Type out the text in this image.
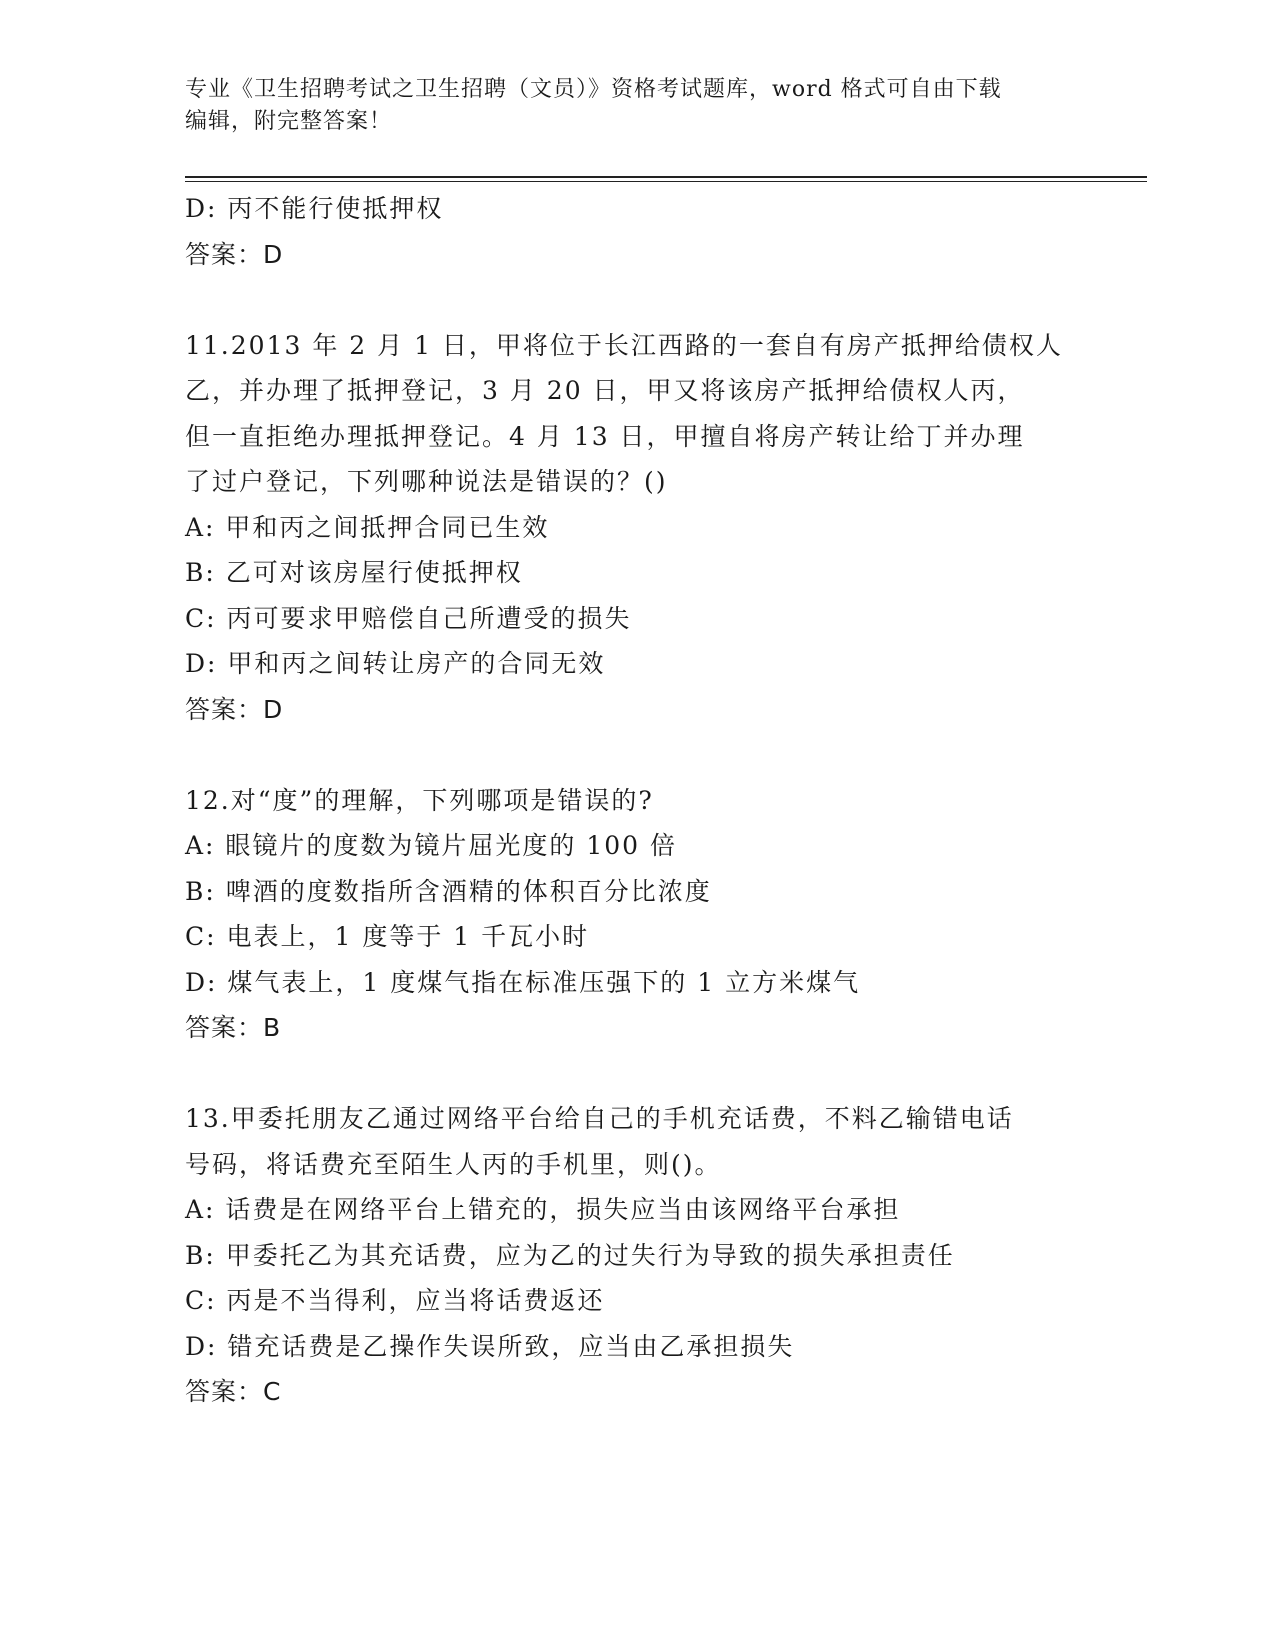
专业《卫生招聘考试之卫生招聘（文员）》资格考试题库，word 格式可自由下载
编辑，附完整答案！
D: 丙不能行使抵押权
答案：D
11.2013 年 2 月 1 日，甲将位于长江西路的一套自有房产抵押给债权人
乙，并办理了抵押登记，3 月 20 日，甲又将该房产抵押给债权人丙，
但一直拒绝办理抵押登记。4 月 13 日，甲擅自将房产转让给丁并办理
了过户登记，下列哪种说法是错误的？()
A: 甲和丙之间抵押合同已生效
B: 乙可对该房屋行使抵押权
C: 丙可要求甲赔偿自己所遭受的损失
D: 甲和丙之间转让房产的合同无效
答案：D
12.对“度”的理解，下列哪项是错误的?
A: 眼镜片的度数为镜片屈光度的 100 倍
B: 啤酒的度数指所含酒精的体积百分比浓度
C: 电表上，1 度等于 1 千瓦小时
D: 煤气表上，1 度煤气指在标准压强下的 1 立方米煤气
答案：B
13.甲委托朋友乙通过网络平台给自己的手机充话费，不料乙输错电话
号码，将话费充至陌生人丙的手机里，则()。
A: 话费是在网络平台上错充的，损失应当由该网络平台承担
B: 甲委托乙为其充话费，应为乙的过失行为导致的损失承担责任
C: 丙是不当得利，应当将话费返还
D: 错充话费是乙操作失误所致，应当由乙承担损失
答案：C
